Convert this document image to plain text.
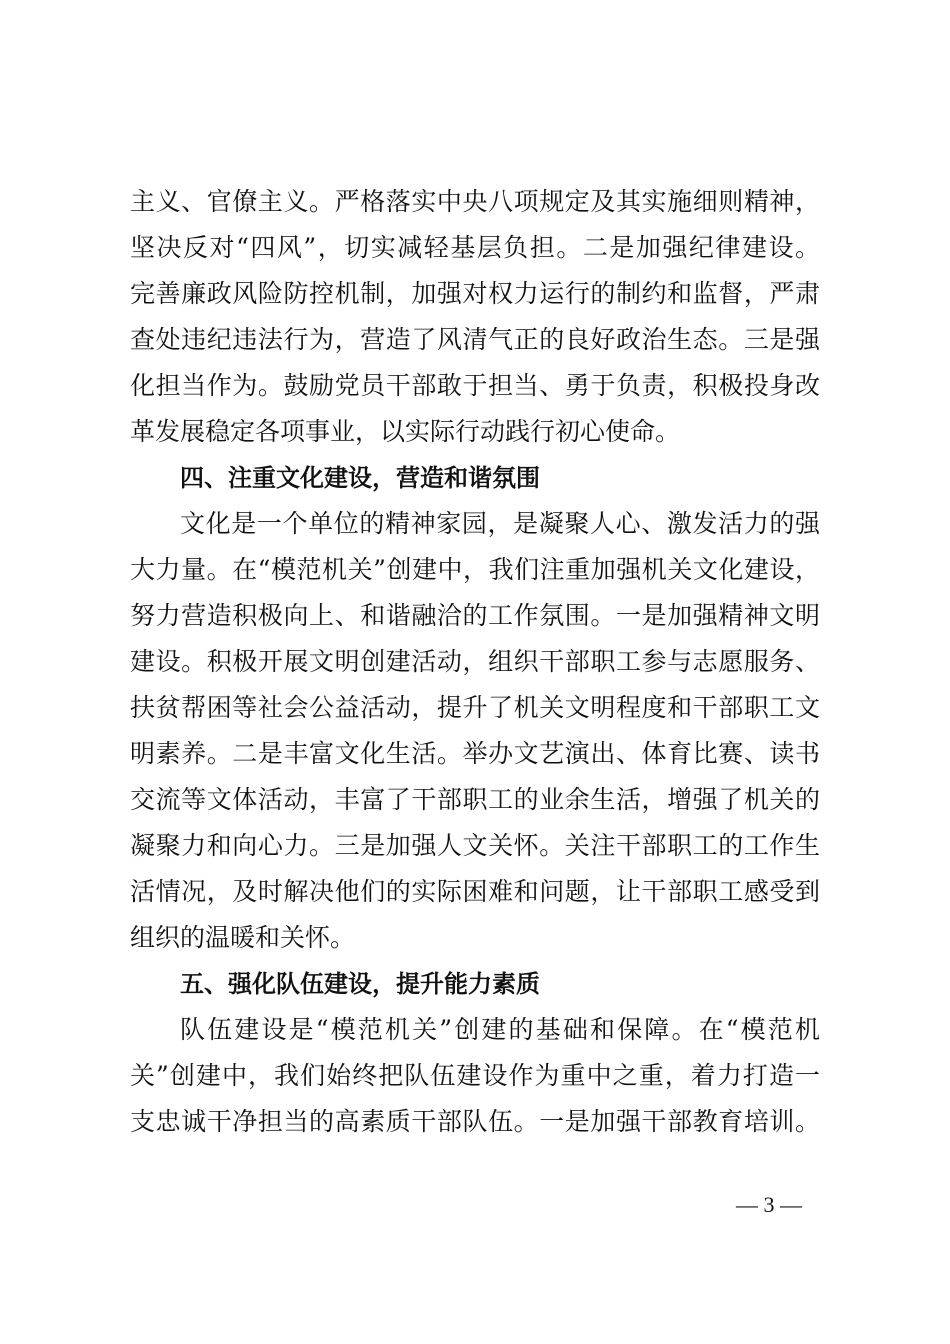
主义、官僚主义。严格落实中央八项规定及其实施细则精神，
坚决反对“四风”，切实减轻基层负担。二是加强纪律建设。
完善廉政风险防控机制，加强对权力运行的制约和监督，严肃
查处违纪违法行为，营造了风清气正的良好政治生态。三是强
化担当作为。鼓励党员干部敢于担当、勇于负责，积极投身改
革发展稳定各项事业，以实际行动践行初心使命。
四、注重文化建设，营造和谐氛围
文化是一个单位的精神家园，是凝聚人心、激发活力的强
大力量。在“模范机关”创建中，我们注重加强机关文化建设，
努力营造积极向上、和谐融洽的工作氛围。一是加强精神文明
建设。积极开展文明创建活动，组织干部职工参与志愿服务、
扶贫帮困等社会公益活动，提升了机关文明程度和干部职工文
明素养。二是丰富文化生活。举办文艺演出、体育比赛、读书
交流等文体活动，丰富了干部职工的业余生活，增强了机关的
凝聚力和向心力。三是加强人文关怀。关注干部职工的工作生
活情况，及时解决他们的实际困难和问题，让干部职工感受到
组织的温暖和关怀。
五、强化队伍建设，提升能力素质
队伍建设是“模范机关”创建的基础和保障。在“模范机
关”创建中，我们始终把队伍建设作为重中之重，着力打造一
支忠诚干净担当的高素质干部队伍。一是加强干部教育培训。
— 3 —
